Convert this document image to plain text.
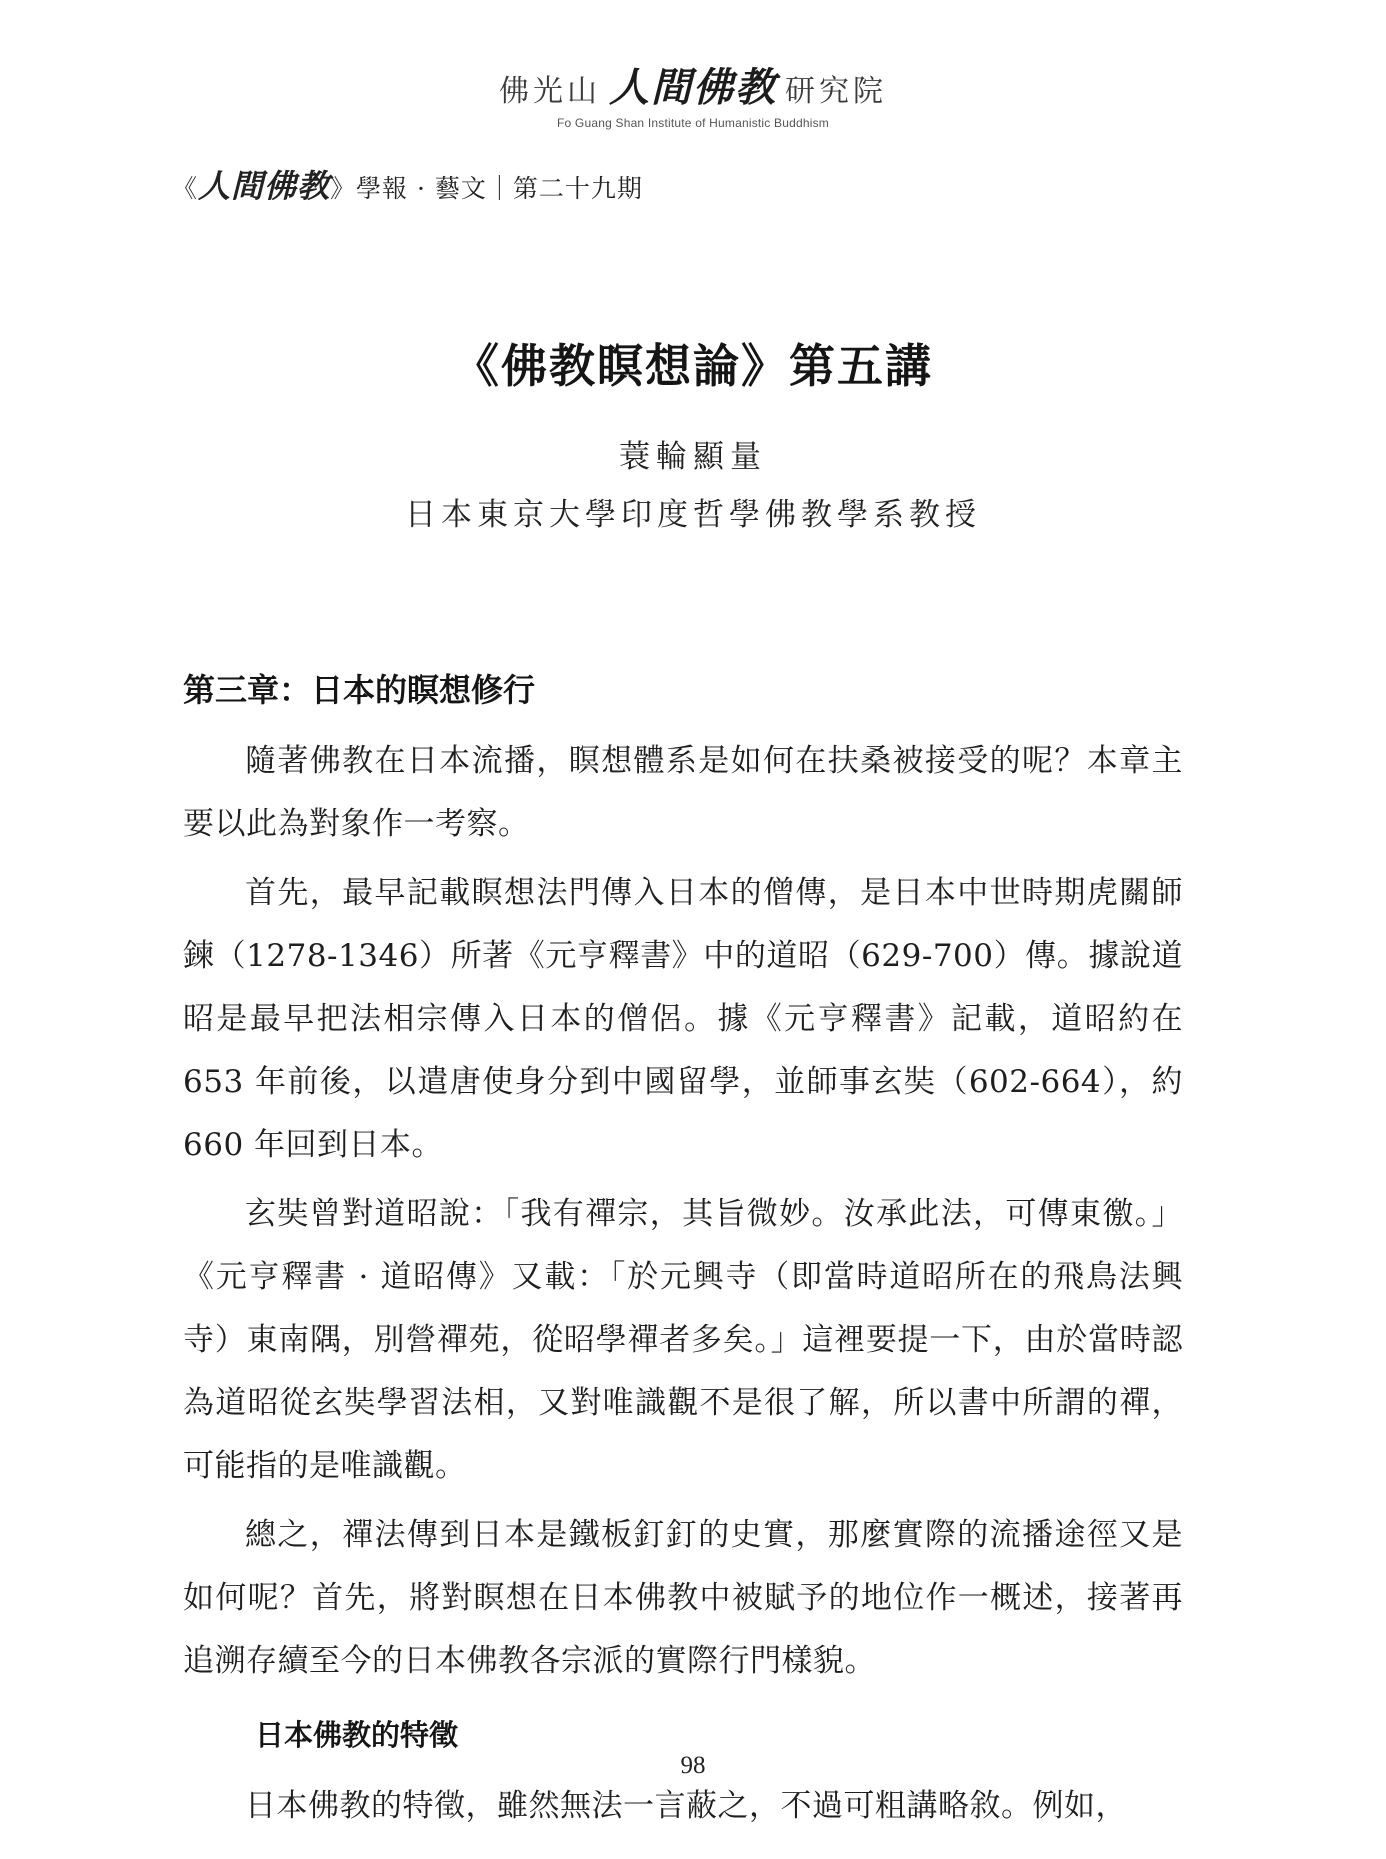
佛光山 人間佛教 研究院
Fo Guang Shan Institute of Humanistic Buddhism
《人間佛教》學報 · 藝文｜第二十九期
《佛教瞑想論》第五講
蓑輪顯量
日本東京大學印度哲學佛教學系教授
第三章：日本的瞑想修行

隨著佛教在日本流播，瞑想體系是如何在扶桑被接受的呢？本章主要以此為對象作一考察。

首先，最早記載瞑想法門傳入日本的僧傳，是日本中世時期虎關師鍊（1278-1346）所著《元亨釋書》中的道昭（629-700）傳。據說道昭是最早把法相宗傳入日本的僧侶。據《元亨釋書》記載，道昭約在 653 年前後，以遣唐使身分到中國留學，並師事玄奘（602-664），約 660 年回到日本。

玄奘曾對道昭說：「我有禪宗，其旨微妙。汝承此法，可傳東徼。」《元亨釋書 · 道昭傳》又載：「於元興寺（即當時道昭所在的飛鳥法興寺）東南隅，別營禪苑，從昭學禪者多矣。」這裡要提一下，由於當時認為道昭從玄奘學習法相，又對唯識觀不是很了解，所以書中所謂的禪，可能指的是唯識觀。

總之，禪法傳到日本是鐵板釘釘的史實，那麼實際的流播途徑又是如何呢？首先，將對瞑想在日本佛教中被賦予的地位作一概述，接著再追溯存續至今的日本佛教各宗派的實際行門樣貌。

日本佛教的特徵

日本佛教的特徵，雖然無法一言蔽之，不過可粗講略敘。例如，

98
